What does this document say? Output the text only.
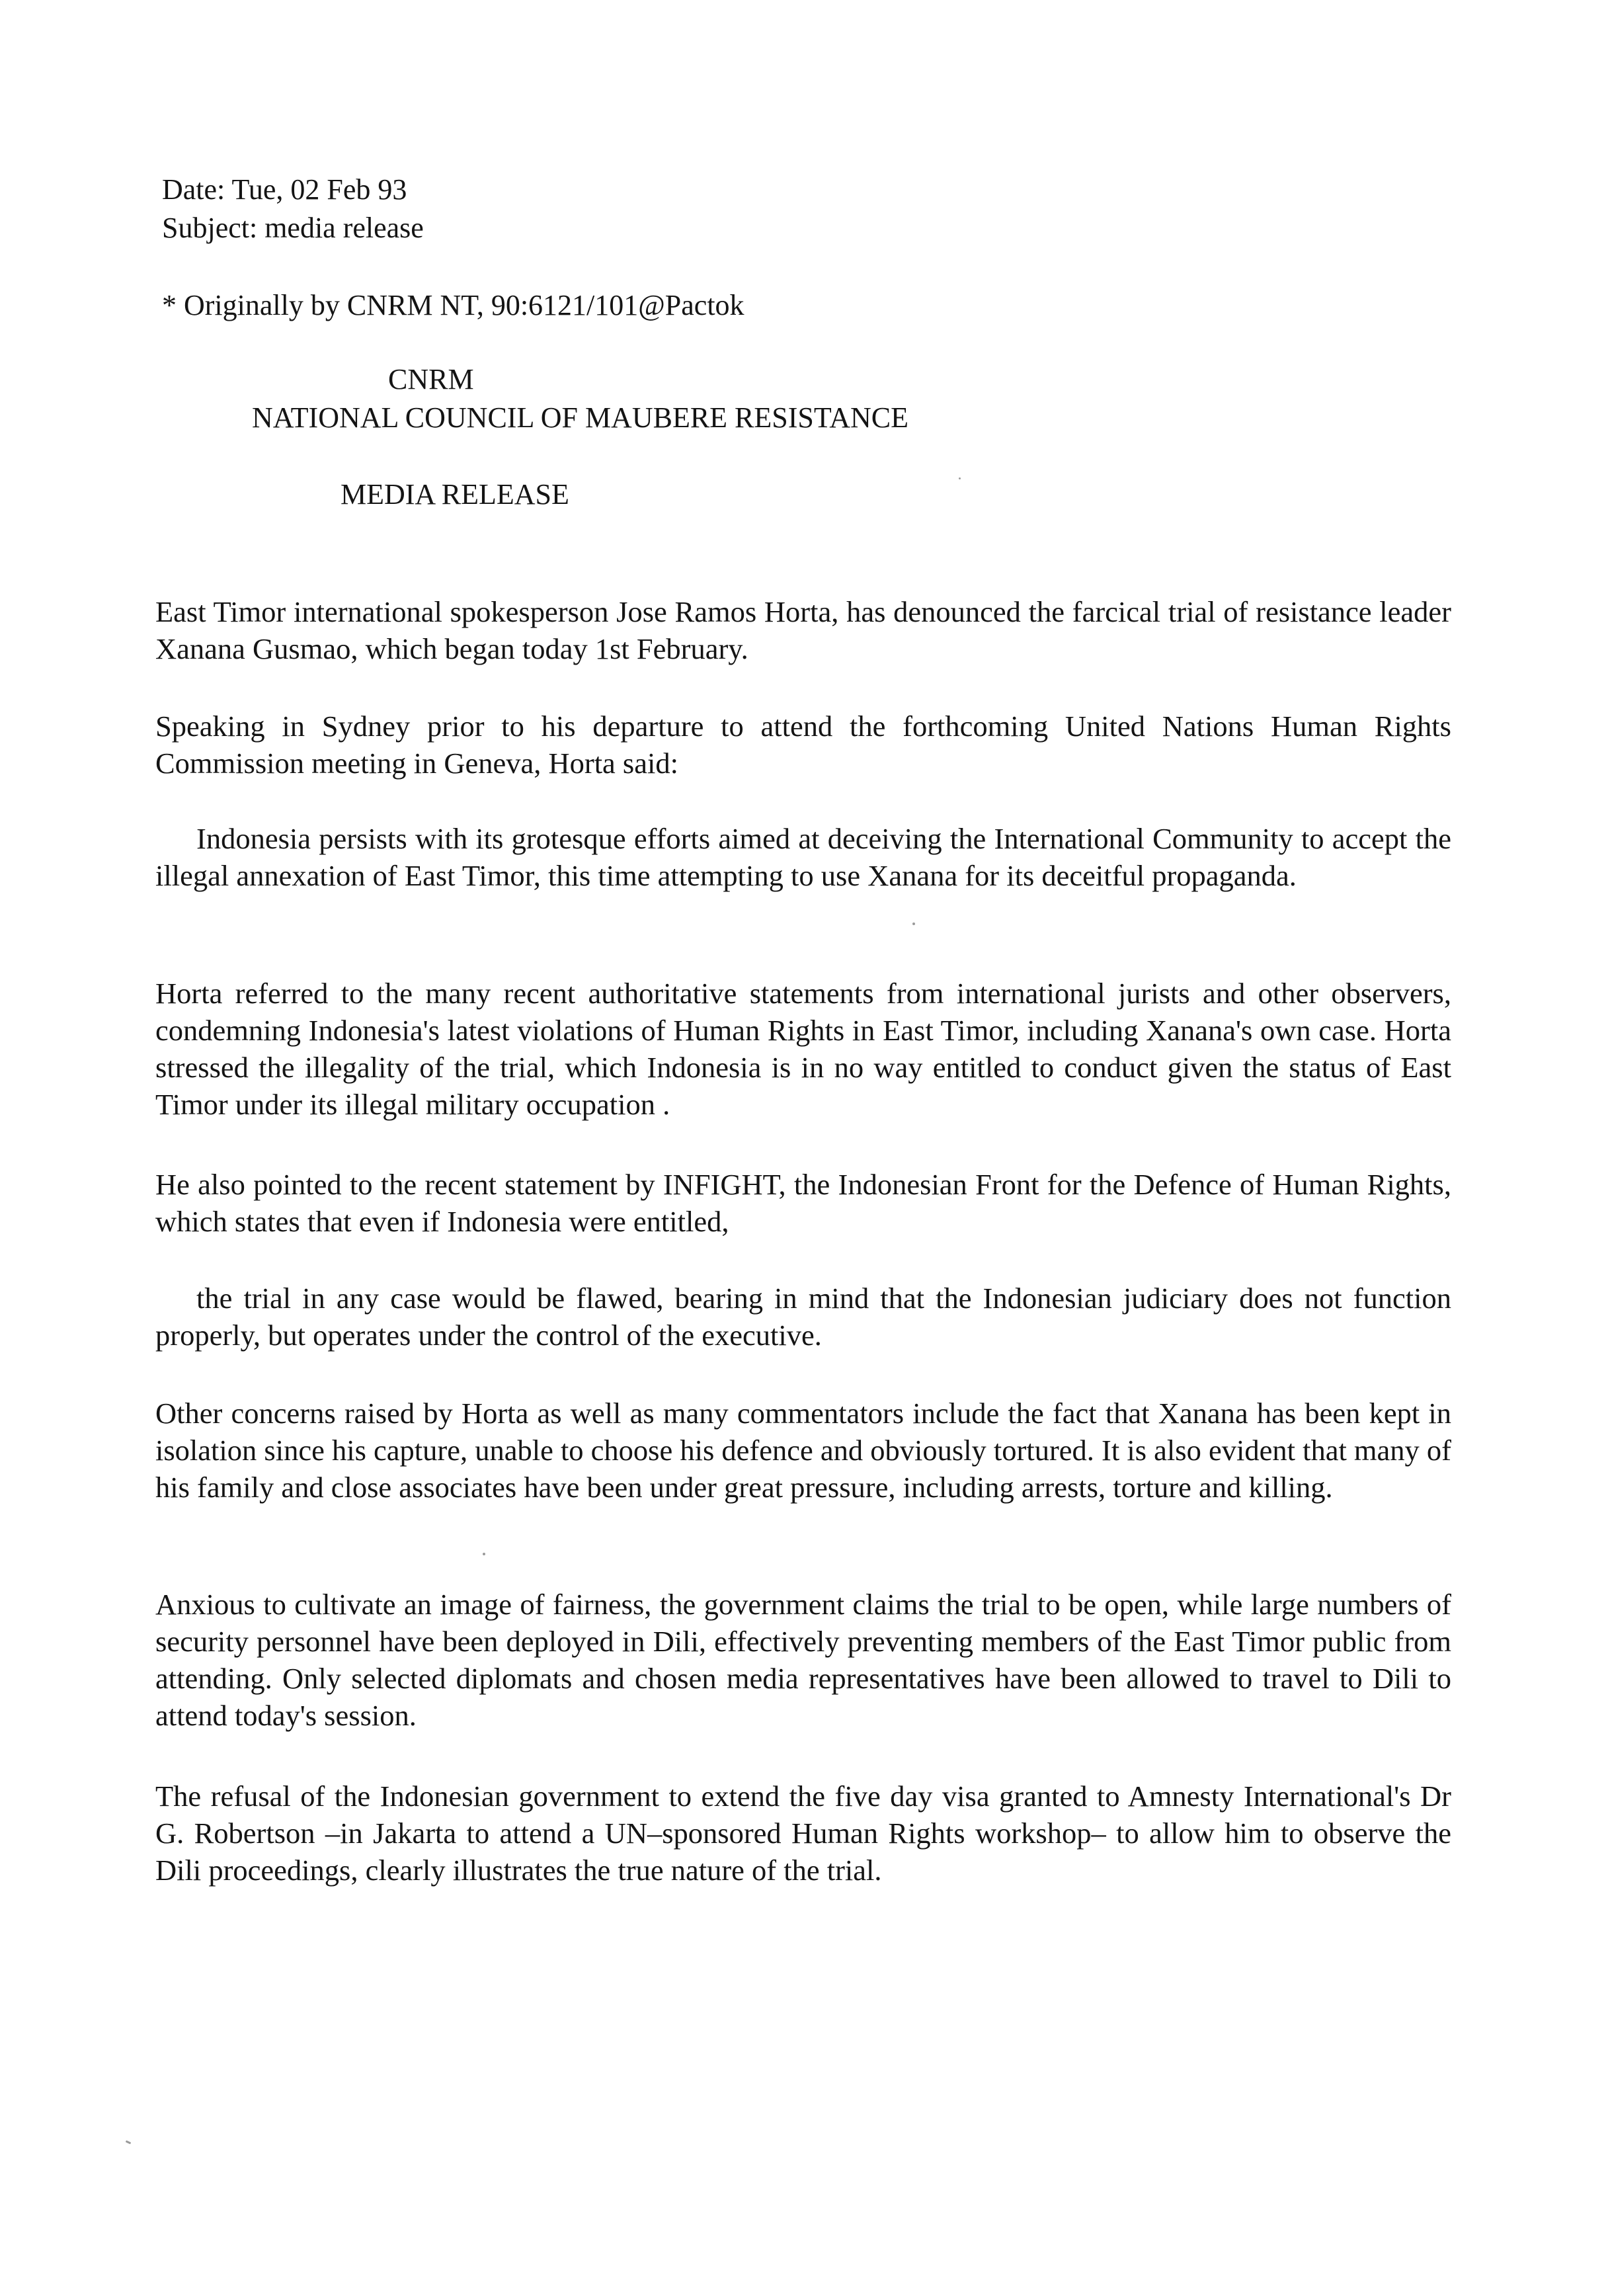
Date: Tue, 02 Feb 93
Subject: media release
* Originally by CNRM NT, 90:6121/101@Pactok
CNRM
NATIONAL COUNCIL OF MAUBERE RESISTANCE
MEDIA RELEASE
East Timor international spokesperson Jose Ramos Horta, has denounced the farcical trial of resistance leader Xanana Gusmao, which began today 1st February.
Speaking in Sydney prior to his departure to attend the forthcoming United Nations Human Rights Commission meeting in Geneva, Horta said:
Indonesia persists with its grotesque efforts aimed at deceiving the International Community to accept the illegal annexation of East Timor, this time attempting to use Xanana for its deceitful propaganda.
Horta referred to the many recent authoritative statements from international jurists and other observers, condemning Indonesia's latest violations of Human Rights in East Timor, including Xanana's own case. Horta stressed the illegality of the trial, which Indonesia is in no way entitled to conduct given the status of East Timor under its illegal military occupation .
He also pointed to the recent statement by INFIGHT, the Indonesian Front for the Defence of Human Rights, which states that even if Indonesia were entitled,
the trial in any case would be flawed, bearing in mind that the Indonesian judiciary does not function properly, but operates under the control of the executive.
Other concerns raised by Horta as well as many commentators include the fact that Xanana has been kept in isolation since his capture, unable to choose his defence and obviously tortured. It is also evident that many of his family and close associates have been under great pressure, including arrests, torture and killing.
Anxious to cultivate an image of fairness, the government claims the trial to be open, while large numbers of security personnel have been deployed in Dili, effectively preventing members of the East Timor public from attending. Only selected diplomats and chosen media representatives have been allowed to travel to Dili to attend today's session.
The refusal of the Indonesian government to extend the five day visa granted to Amnesty International's Dr G. Robertson –in Jakarta to attend a UN–sponsored Human Rights workshop– to allow him to observe the Dili proceedings, clearly illustrates the true nature of the trial.
